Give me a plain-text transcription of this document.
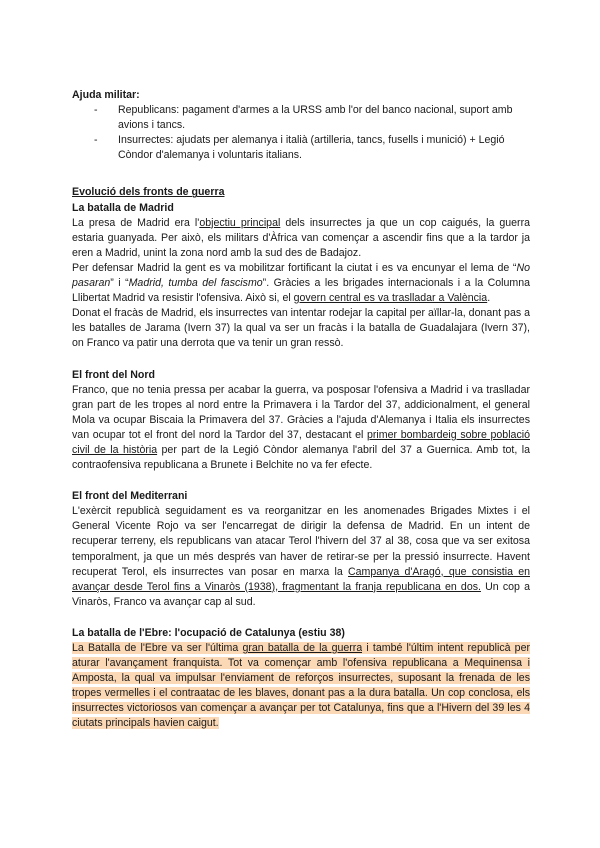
Ajuda militar:
- Republicans: pagament d'armes a la URSS amb l'or del banco nacional, suport amb avions i tancs.
- Insurrectes: ajudats per alemanya i italià (artilleria, tancs, fusells i munició) + Legió Còndor d'alemanya i voluntaris italians.
Evolució dels fronts de guerra
La batalla de Madrid

La presa de Madrid era l'objectiu principal dels insurrectes ja que un cop caigués, la guerra estaria guanyada. Per això, els militars d'Àfrica van començar a ascendir fins que a la tardor ja eren a Madrid, unint la zona nord amb la sud des de Badajoz.

Per defensar Madrid la gent es va mobilitzar fortificant la ciutat i es va encunyar el lema de “No pasaran” i “Madrid, tumba del fascismo”. Gràcies a les brigades internacionals i a la Columna Llibertat Madrid va resistir l'ofensiva. Això si, el govern central es va traslladar a València.

Donat el fracàs de Madrid, els insurrectes van intentar rodejar la capital per aïllar-la, donant pas a les batalles de Jarama (Ivern 37) la qual va ser un fracàs i la batalla de Guadalajara (Ivern 37), on Franco va patir una derrota que va tenir un gran ressò.

El front del Nord

Franco, que no tenia pressa per acabar la guerra, va posposar l'ofensiva a Madrid i va traslladar gran part de les tropes al nord entre la Primavera i la Tardor del 37, addicionalment, el general Mola va ocupar Biscaia la Primavera del 37. Gràcies a l'ajuda d'Alemanya i Italia els insurrectes van ocupar tot el front del nord la Tardor del 37, destacant el primer bombardeig sobre població civil de la història per part de la Legió Còndor alemanya l'abril del 37 a Guernica. Amb tot, la contraofensiva republicana a Brunete i Belchite no va fer efecte.

El front del Mediterrani

L'exèrcit republicà seguidament es va reorganitzar en les anomenades Brigades Mixtes i el General Vicente Rojo va ser l'encarregat de dirigir la defensa de Madrid. En un intent de recuperar terreny, els republicans van atacar Terol l'hivern del 37 al 38, cosa que va ser exitosa temporalment, ja que un més després van haver de retirar-se per la pressió insurrecte. Havent recuperat Terol, els insurrectes van posar en marxa la Campanya d'Aragó, que consistia en avançar desde Terol fins a Vinaròs (1938), fragmentant la franja republicana en dos. Un cop a Vinaròs, Franco va avançar cap al sud.

La batalla de l'Ebre: l'ocupació de Catalunya (estiu 38)

La Batalla de l'Ebre va ser l'última gran batalla de la guerra i també l'últim intent republicà per aturar l'avançament franquista. Tot va començar amb l'ofensiva republicana a Mequinensa i Amposta, la qual va impulsar l'enviament de reforços insurrectes, suposant la frenada de les tropes vermelles i el contraatac de les blaves, donant pas a la dura batalla. Un cop conclosa, els insurrectes victoriosos van començar a avançar per tot Catalunya, fins que a l'Hivern del 39 les 4 ciutats principals havien caigut.
